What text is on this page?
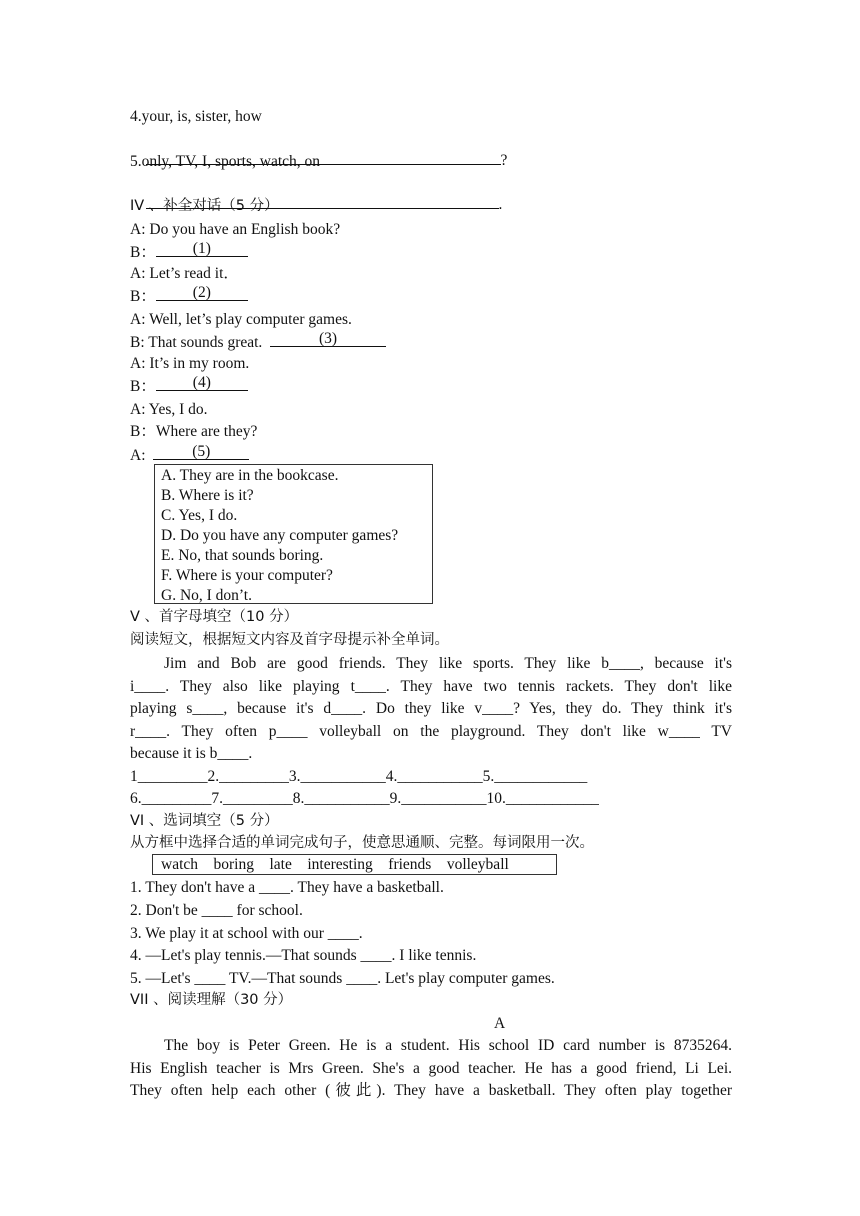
4.your, is, sister, how

?

5.only, TV, I, sports, watch, on

.

IV 、补全对话（5 分）
A: Do you have an English book?
B：	(1)
A: Let’s read it．
B：	(2)
A: Well, let’s play computer games.
B: That sounds great.	(3)
A: It’s in my room.
B：	(4)
A: Yes, I do.
B：Where are they?
A:	(5)
A. They are in the bookcase.
B. Where is it?
C. Yes, I do.
D. Do you have any computer games?
E. No, that sounds boring.
F. Where is your computer?
G. No, I don’t.
V 、首字母填空（10 分）
阅读短文，根据短文内容及首字母提示补全单词。
Jim and Bob are good friends. They like sports. They like b____, because it's
i____. They also like playing t____. They have two tennis rackets. They don't like
playing s____, because it's d____. Do they like v____? Yes, they do. They think it's
r____. They often p____ volleyball on the playground. They don't like w____ TV
because it is b____.
1_________2._________3.___________4.___________5.____________
6._________7._________8.___________9.___________10.____________
VI 、选词填空（5 分）
从方框中选择合适的单词完成句子，使意思通顺、完整。每词限用一次。
watch    boring    late    interesting    friends    volleyball
1. They don't have a ____. They have a basketball.
2. Don't be ____ for school.
3. We play it at school with our ____.
4. —Let's play tennis.—That sounds ____. I like tennis.
5. —Let's ____ TV.—That sounds ____. Let's play computer games.
VII 、阅读理解（30 分）
A
The boy is Peter Green. He is a student. His school ID card number is 8735264.
His English teacher is Mrs Green. She's a good teacher. He has a good friend, Li Lei.
They often help each other (彼此). They have a basketball. They often play together
